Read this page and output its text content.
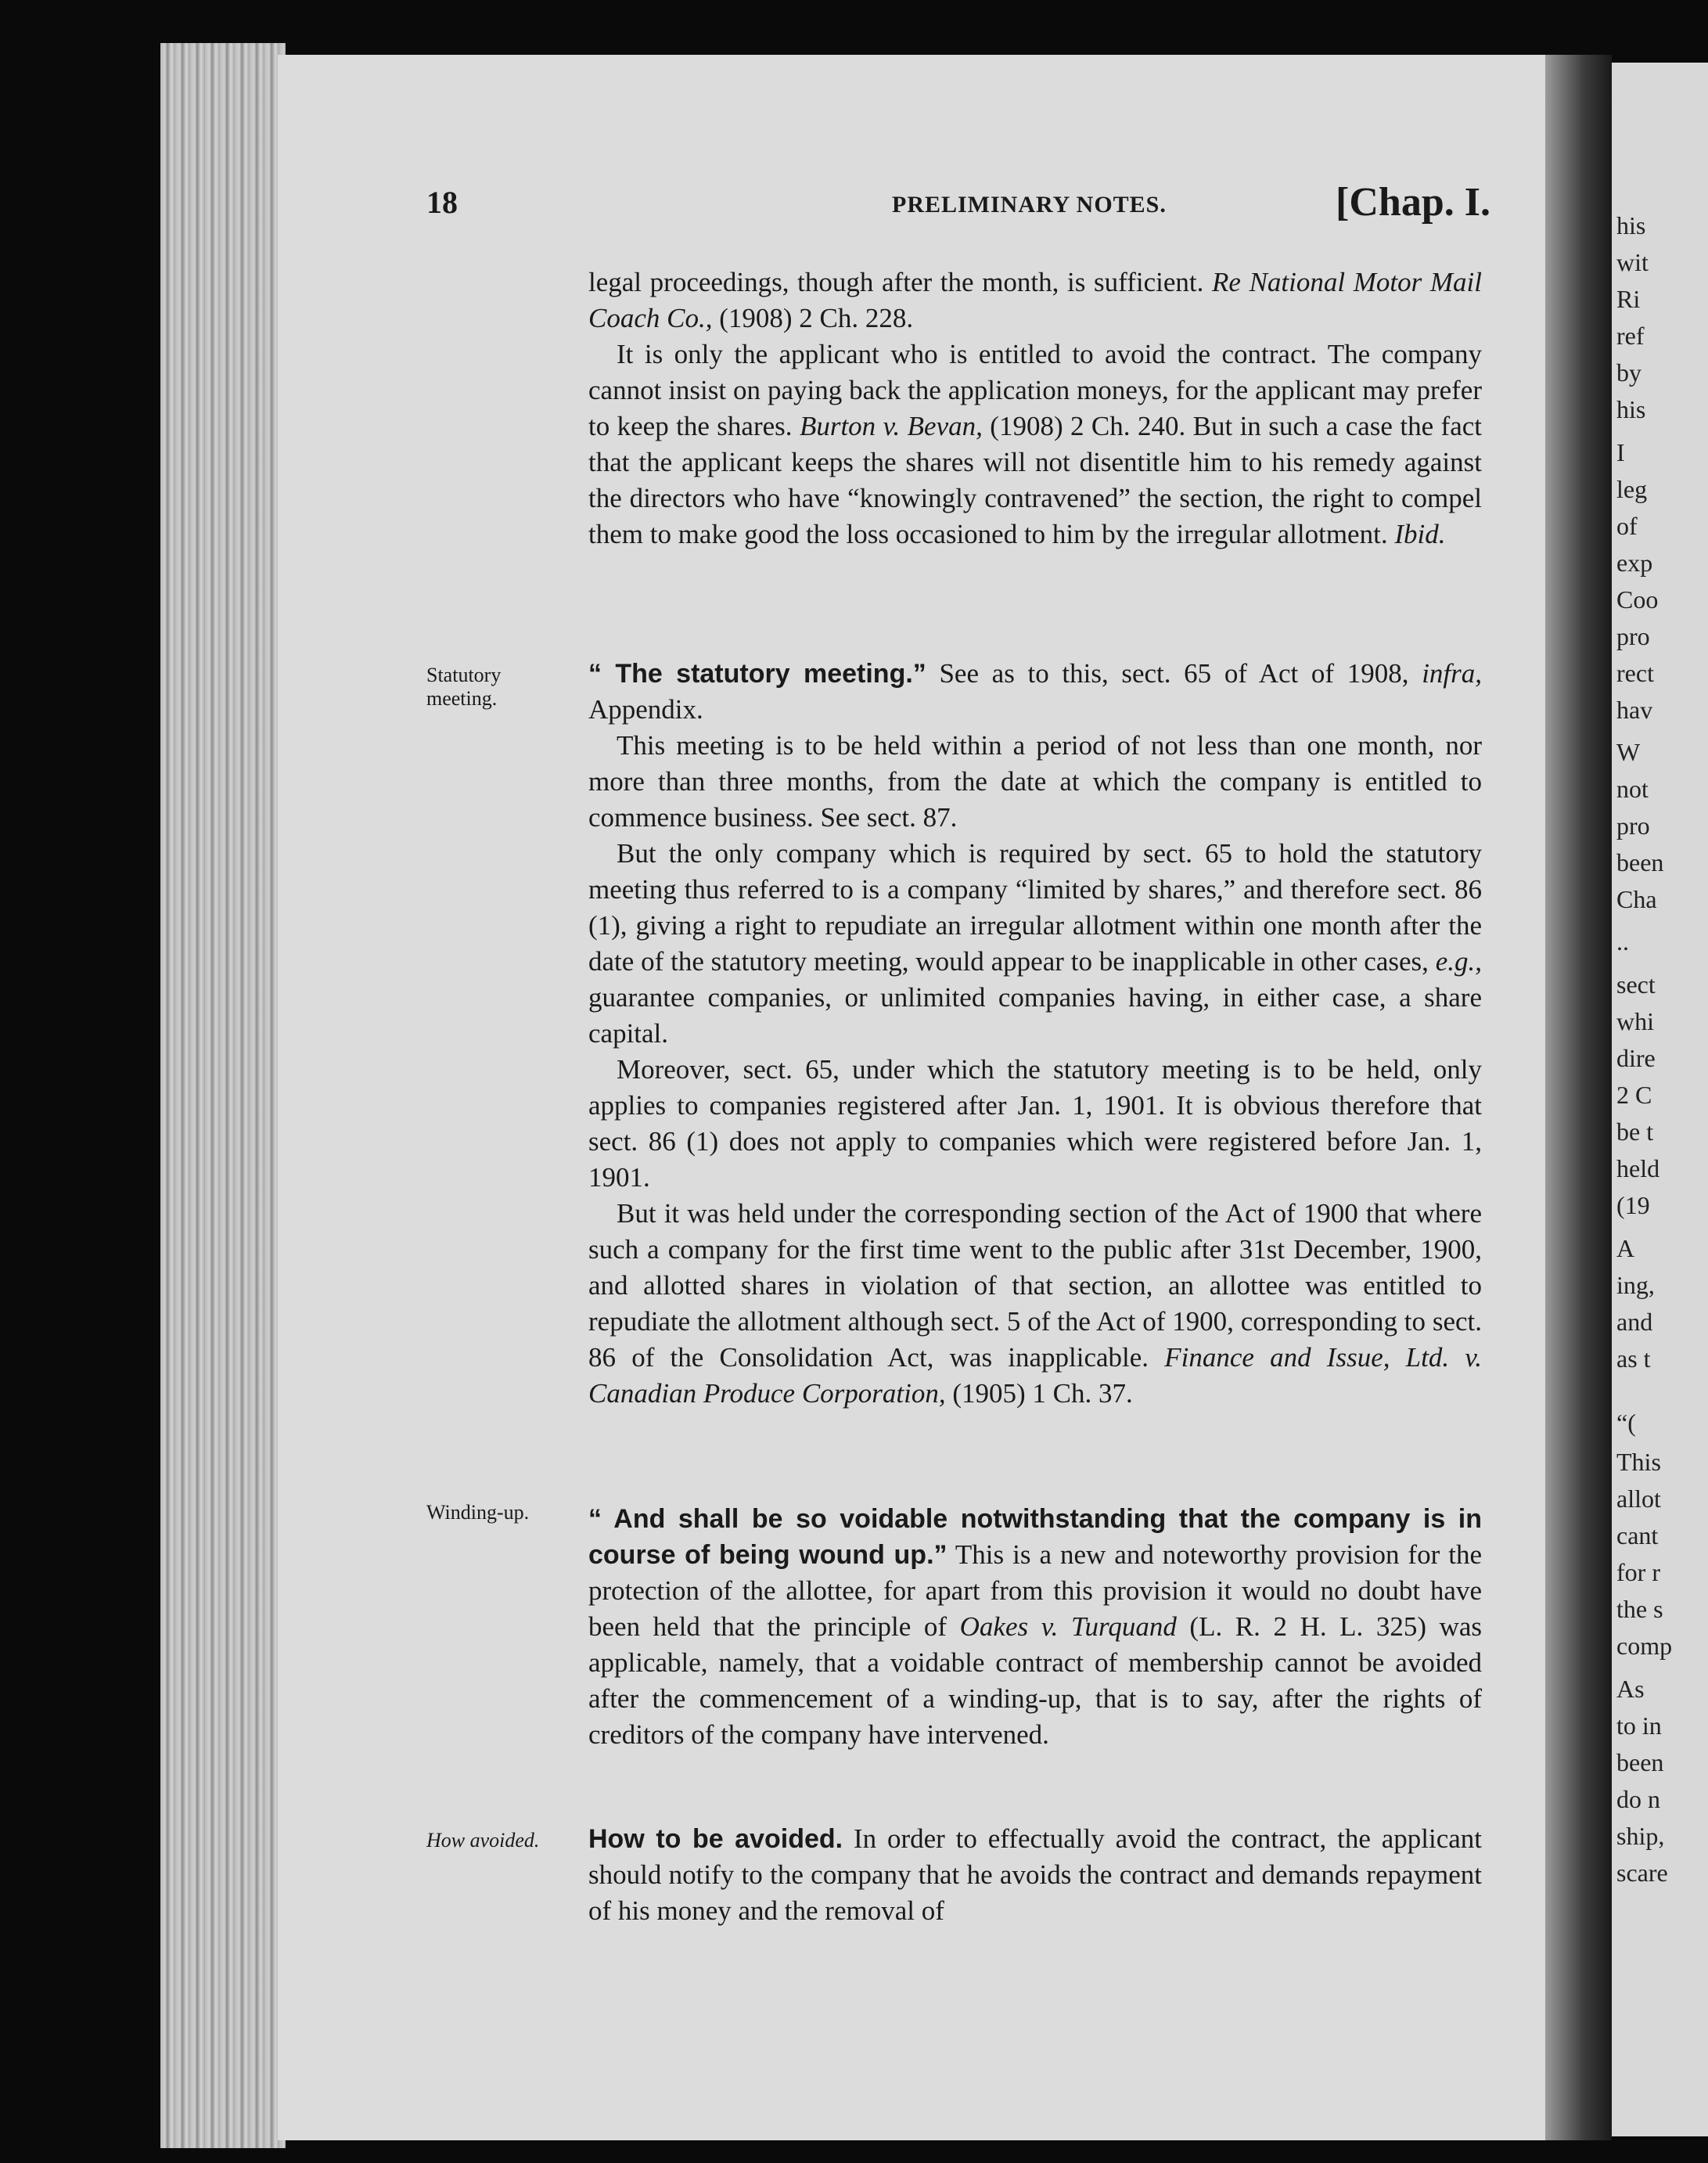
his
wit
Ri
ref
by
his
I
leg
of
exp
Coo
pro
rect
hav
W
not
pro
been
Cha
..
sect
whi
dire
2 C
be t
held
(19
A
ing,
and
as t
“(
This
allot
cant
for r
the s
comp
As
to in
been
do n
ship,
scare
18	PRELIMINARY NOTES.	[Chap. I.

legal proceedings, though after the month, is sufficient. Re National Motor Mail Coach Co., (1908) 2 Ch. 228.

It is only the applicant who is entitled to avoid the contract. The company cannot insist on paying back the application moneys, for the applicant may prefer to keep the shares. Burton v. Bevan, (1908) 2 Ch. 240. But in such a case the fact that the applicant keeps the shares will not disentitle him to his remedy against the directors who have “knowingly contravened” the section, the right to compel them to make good the loss occasioned to him by the irregular allotment. Ibid.

Statutory meeting.

“ The statutory meeting.” See as to this, sect. 65 of Act of 1908, infra, Appendix.

This meeting is to be held within a period of not less than one month, nor more than three months, from the date at which the company is entitled to commence business. See sect. 87.

But the only company which is required by sect. 65 to hold the statutory meeting thus referred to is a company “limited by shares,” and therefore sect. 86 (1), giving a right to repudiate an irregular allotment within one month after the date of the statutory meeting, would appear to be inapplicable in other cases, e.g., guarantee companies, or unlimited companies having, in either case, a share capital.

Moreover, sect. 65, under which the statutory meeting is to be held, only applies to companies registered after Jan. 1, 1901. It is obvious therefore that sect. 86 (1) does not apply to companies which were registered before Jan. 1, 1901.

But it was held under the corresponding section of the Act of 1900 that where such a company for the first time went to the public after 31st December, 1900, and allotted shares in violation of that section, an allottee was entitled to repudiate the allotment although sect. 5 of the Act of 1900, corresponding to sect. 86 of the Consolidation Act, was inapplicable. Finance and Issue, Ltd. v. Canadian Produce Corporation, (1905) 1 Ch. 37.

Winding-up.	“ And shall be so voidable notwithstanding that the company is in course of being wound up.” This is a new and noteworthy provision for the protection of the allottee, for apart from this provision it would no doubt have been held that the principle of Oakes v. Turquand (L. R. 2 H. L. 325) was applicable, namely, that a voidable contract of membership cannot be avoided after the commencement of a winding-up, that is to say, after the rights of creditors of the company have intervened.

How avoided.	How to be avoided. In order to effectually avoid the contract, the applicant should notify to the company that he avoids the contract and demands repayment of his money and the removal of
